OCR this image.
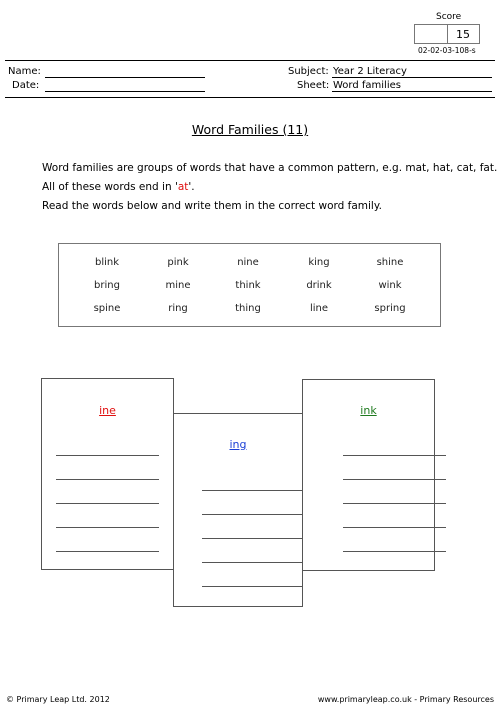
Score
15
02-02-03-108-s
Name:
Date:
Subject: Year 2 Literacy
Sheet: Word families
Word Families (11)
Word families are groups of words that have a common pattern, e.g. mat, hat, cat, fat.
All of these words end in 'at'.
Read the words below and write them in the correct word family.
blink	pink	nine	king	shine
bring	mine	think	drink	wink
spine	ring	thing	line	spring
ine	ink
ing
© Primary Leap Ltd. 2012	www.primaryleap.co.uk - Primary Resources
